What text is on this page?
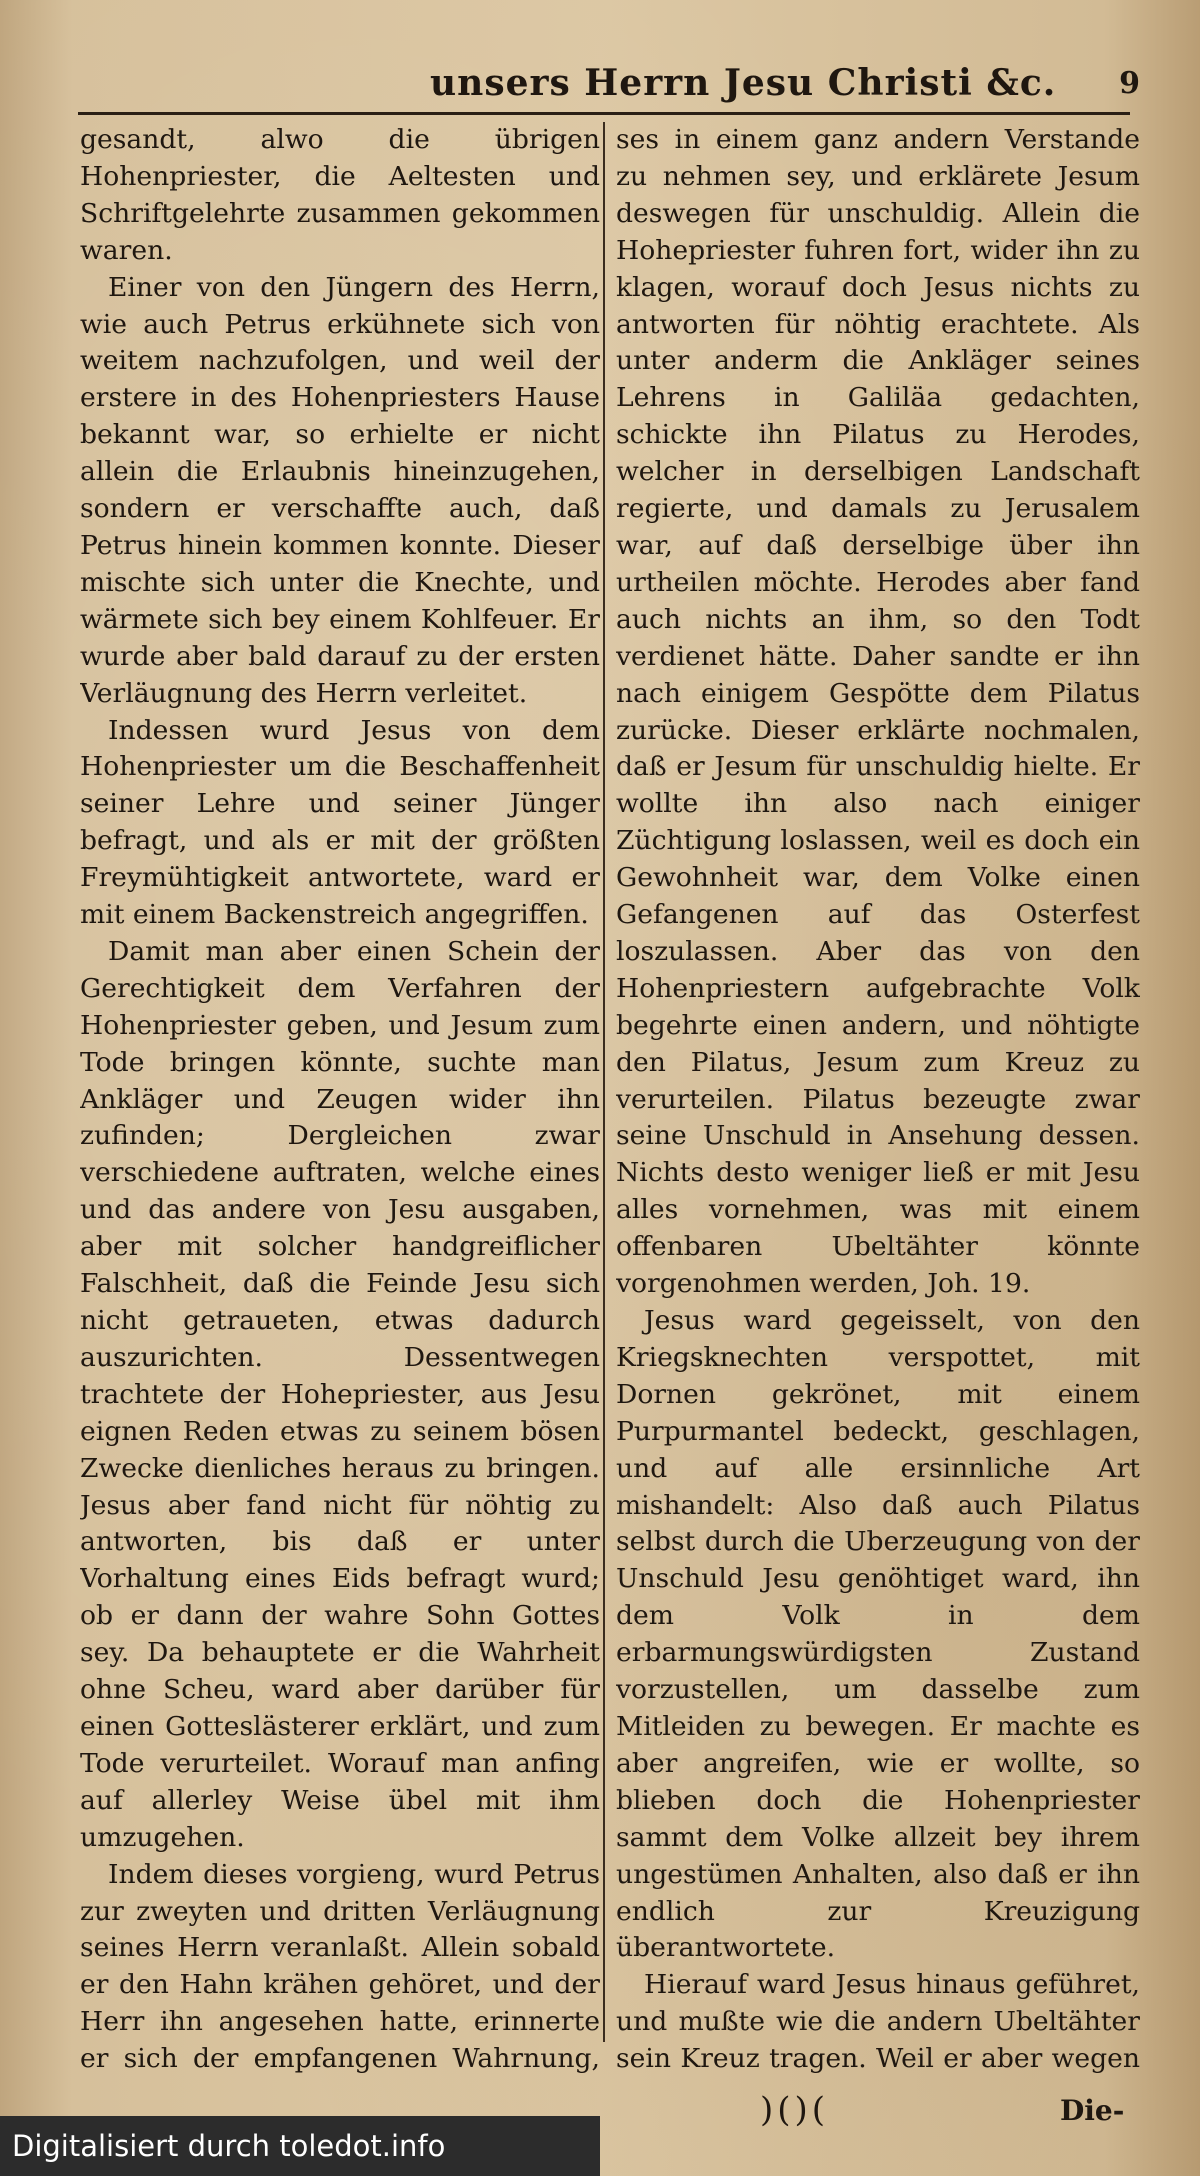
unsers Herrn Jesu Christi &c. 9

gesandt, alwo die übrigen Hohenpriester, die Aeltesten und Schriftgelehrte zusammen gekommen waren.

Einer von den Jüngern des Herrn, wie auch Petrus erkühnete sich von weitem nachzufolgen, und weil der erstere in des Hohenpriesters Hause bekannt war, so erhielte er nicht allein die Erlaubnis hineinzugehen, sondern er verschaffte auch, daß Petrus hinein kommen konnte. Dieser mischte sich unter die Knechte, und wärmete sich bey einem Kohlfeuer. Er wurde aber bald darauf zu der ersten Verläugnung des Herrn verleitet.

Indessen wurd Jesus von dem Hohenpriester um die Beschaffenheit seiner Lehre und seiner Jünger befragt, und als er mit der größten Freymühtigkeit antwortete, ward er mit einem Backenstreich angegriffen.

Damit man aber einen Schein der Gerechtigkeit dem Verfahren der Hohenpriester geben, und Jesum zum Tode bringen könnte, suchte man Ankläger und Zeugen wider ihn zufinden; Dergleichen zwar verschiedene auftraten, welche eines und das andere von Jesu ausgaben, aber mit solcher handgreiflicher Falschheit, daß die Feinde Jesu sich nicht getraueten, etwas dadurch auszurichten. Dessentwegen trachtete der Hohepriester, aus Jesu eignen Reden etwas zu seinem bösen Zwecke dienliches heraus zu bringen. Jesus aber fand nicht für nöhtig zu antworten, bis daß er unter Vorhaltung eines Eids befragt wurd; ob er dann der wahre Sohn Gottes sey. Da behauptete er die Wahrheit ohne Scheu, ward aber darüber für einen Gotteslästerer erklärt, und zum Tode verurteilet. Worauf man anfing auf allerley Weise übel mit ihm umzugehen.

Indem dieses vorgieng, wurd Petrus zur zweyten und dritten Verläugnung seines Herrn veranlaßt. Allein sobald er den Hahn krähen gehöret, und der Herr ihn angesehen hatte, erinnerte er sich der empfangenen Wahrnung,

ses in einem ganz andern Verstande zu nehmen sey, und erklärete Jesum deswegen für unschuldig. Allein die Hohepriester fuhren fort, wider ihn zu klagen, worauf doch Jesus nichts zu antworten für nöhtig erachtete. Als unter anderm die Ankläger seines Lehrens in Galiläa gedachten, schickte ihn Pilatus zu Herodes, welcher in derselbigen Landschaft regierte, und damals zu Jerusalem war, auf daß derselbige über ihn urtheilen möchte. Herodes aber fand auch nichts an ihm, so den Todt verdienet hätte. Daher sandte er ihn nach einigem Gespötte dem Pilatus zurücke. Dieser erklärte nochmalen, daß er Jesum für unschuldig hielte. Er wollte ihn also nach einiger Züchtigung loslassen, weil es doch ein Gewohnheit war, dem Volke einen Gefangenen auf das Osterfest loszulassen. Aber das von den Hohenpriestern aufgebrachte Volk begehrte einen andern, und nöhtigte den Pilatus, Jesum zum Kreuz zu verurteilen. Pilatus bezeugte zwar seine Unschuld in Ansehung dessen. Nichts desto weniger ließ er mit Jesu alles vornehmen, was mit einem offenbaren Ubeltähter könnte vorgenohmen werden, Joh. 19.

Jesus ward gegeisselt, von den Kriegsknechten verspottet, mit Dornen gekrönet, mit einem Purpurmantel bedeckt, geschlagen, und auf alle ersinnliche Art mishandelt: Also daß auch Pilatus selbst durch die Uberzeugung von der Unschuld Jesu genöhtiget ward, ihn dem Volk in dem erbarmungswürdigsten Zustand vorzustellen, um dasselbe zum Mitleiden zu bewegen. Er machte es aber angreifen, wie er wollte, so blieben doch die Hohenpriester sammt dem Volke allzeit bey ihrem ungestümen Anhalten, also daß er ihn endlich zur Kreuzigung überantwortete.

Hierauf ward Jesus hinaus geführet, und mußte wie die andern Ubeltähter sein Kreuz tragen. Weil er aber wegen

)()(	Die-
Digitalisiert durch toledot.info
